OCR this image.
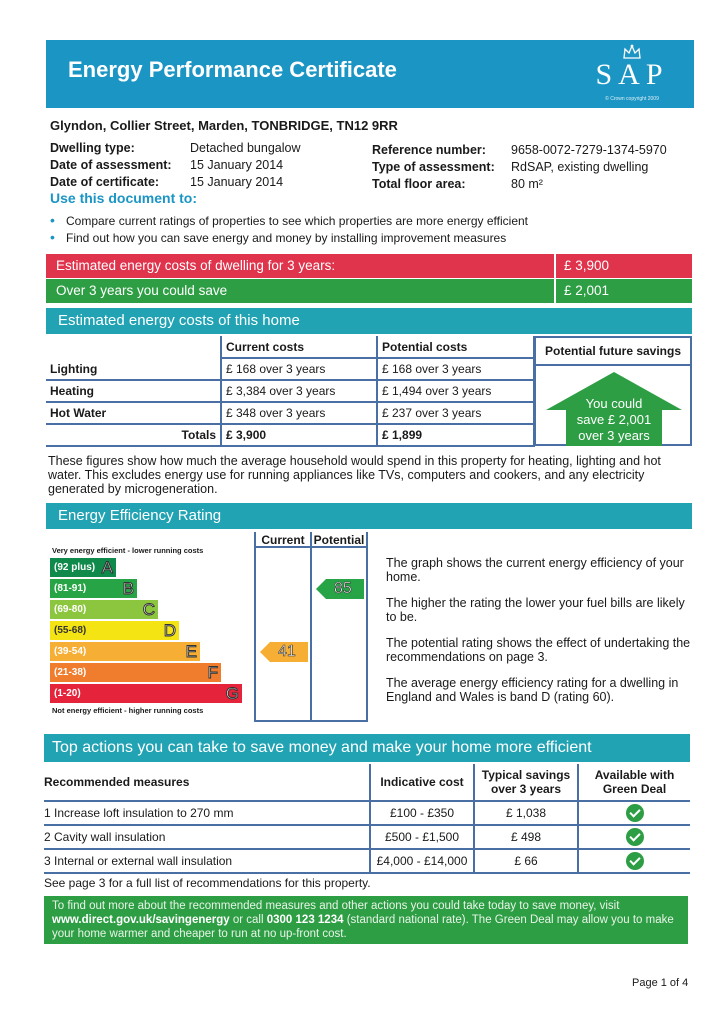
Energy Performance Certificate	SAP
© Crown copyright 2009
Glyndon, Collier Street, Marden, TONBRIDGE, TN12 9RR
Dwelling type:	Detached bungalow
Date of assessment:	15 January 2014
Date of certificate:	15 January 2014
Reference number:	9658-0072-7279-1374-5970
Type of assessment:	RdSAP, existing dwelling
Total floor area:	80 m²
Use this document to:
• Compare current ratings of properties to see which properties are more energy efficient
• Find out how you can save energy and money by installing improvement measures
Estimated energy costs of dwelling for 3 years:	£ 3,900
Over 3 years you could save	£ 2,001
Estimated energy costs of this home
	Current costs	Potential costs
Lighting	£ 168 over 3 years	£ 168 over 3 years
Heating	£ 3,384 over 3 years	£ 1,494 over 3 years
Hot Water	£ 348 over 3 years	£ 237 over 3 years
Totals	£ 3,900	£ 1,899
Potential future savings
You could
save £ 2,001
over 3 years
These figures show how much the average household would spend in this property for heating, lighting and hot water. This excludes energy use for running appliances like TVs, computers and cookers, and any electricity generated by microgeneration.
Energy Efficiency Rating
Very energy efficient - lower running costs
(92 plus) A
(81-91) B
(69-80)	C
(55-68)	D
(39-54)	E
(21-38)	F
(1-20)	G
Not energy efficient - higher running costs
Current Potential
41
85

The graph shows the current energy efficiency of your home.

The higher the rating the lower your fuel bills are likely to be.

The potential rating shows the effect of undertaking the recommendations on page 3.

The average energy efficiency rating for a dwelling in England and Wales is band D (rating 60).

Top actions you can take to save money and make your home more efficient
Recommended measures	Indicative cost	Typical savings over 3 years	Available with Green Deal
1 Increase loft insulation to 270 mm	£100 - £350	£ 1,038	
2 Cavity wall insulation	£500 - £1,500	£ 498	
3 Internal or external wall insulation	£4,000 - £14,000	£ 66	
See page 3 for a full list of recommendations for this property.
To find out more about the recommended measures and other actions you could take today to save money, visit www.direct.gov.uk/savingenergy or call 0300 123 1234 (standard national rate). The Green Deal may allow you to make your home warmer and cheaper to run at no up-front cost.
Page 1 of 4
